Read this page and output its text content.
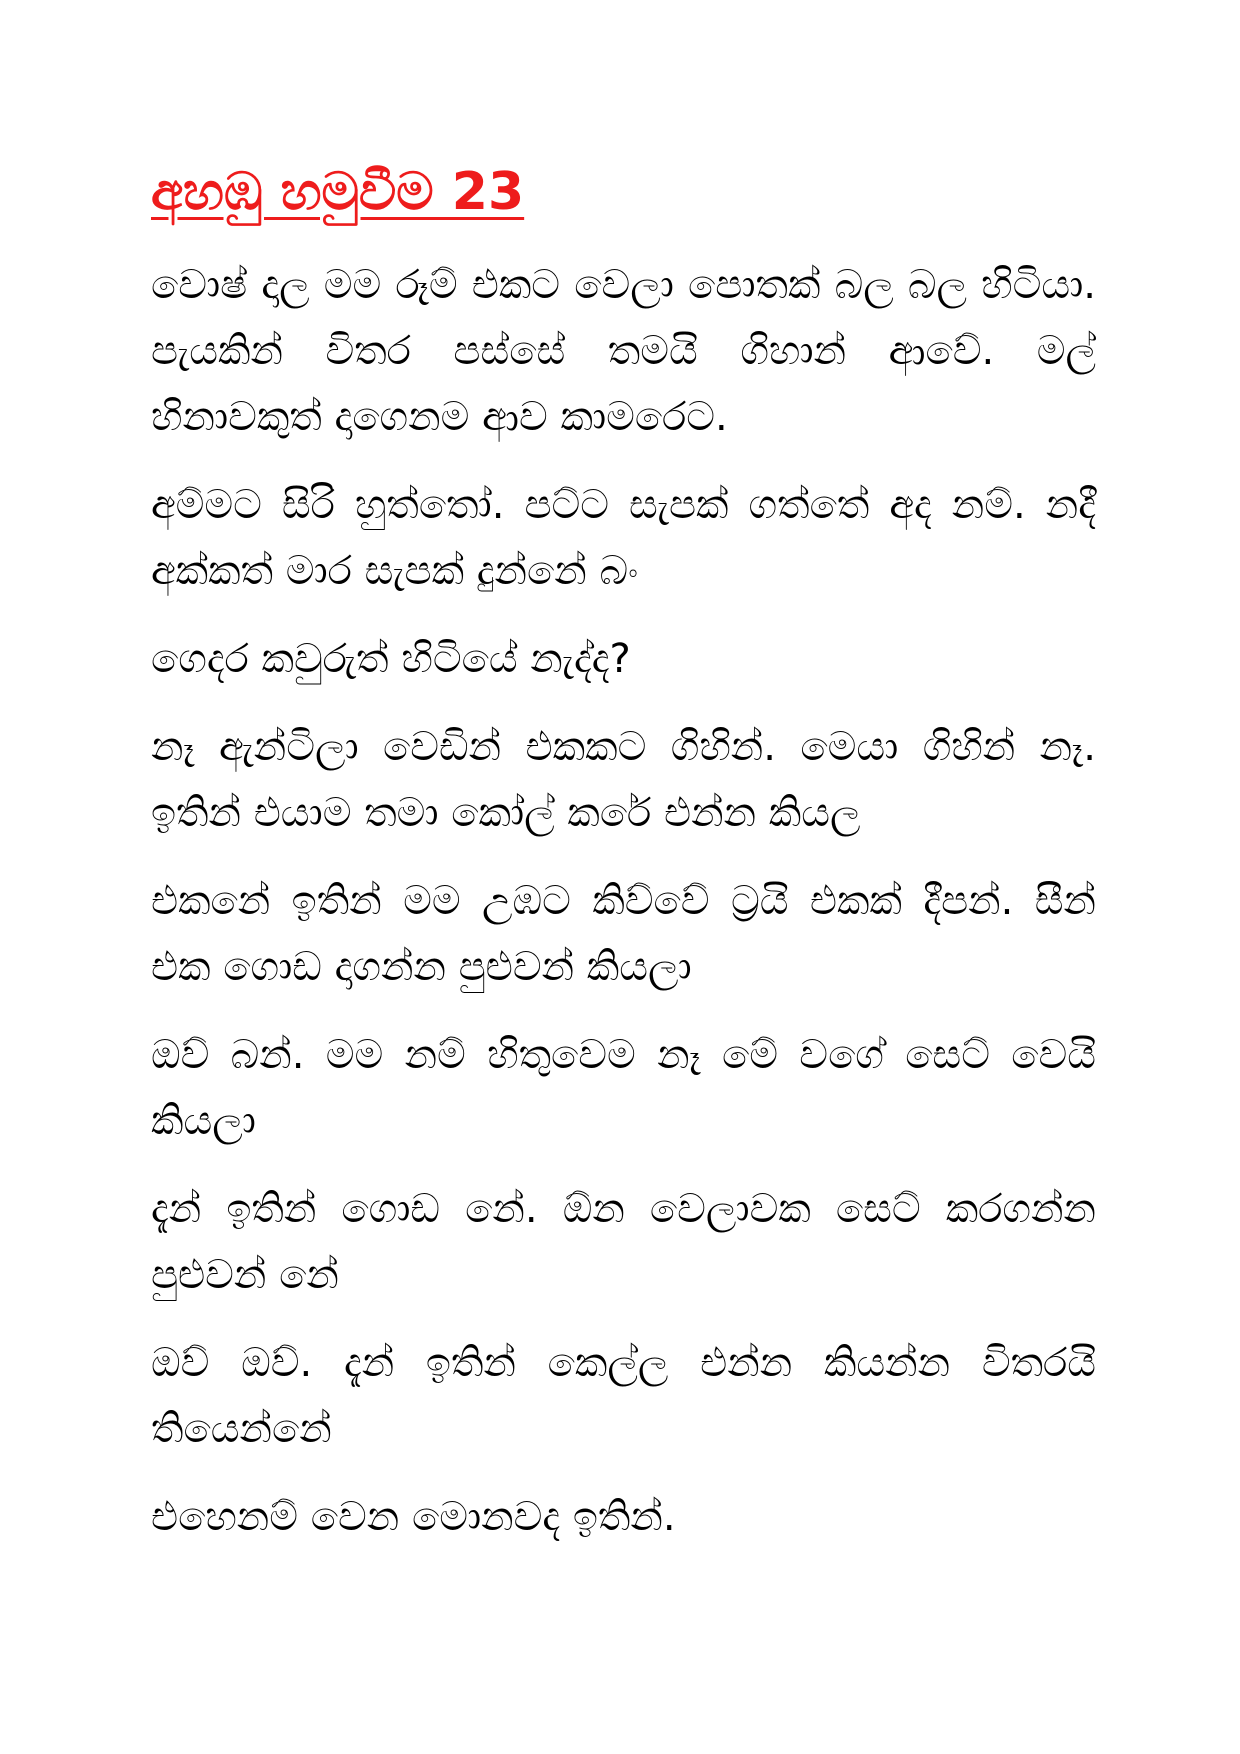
අහඹු හමුවීම 23

වොෂ් දාල මම රූම් එකට වෙලා පොතක් බල බල හිටියා. පැයකින් විතර පස්සේ තමයි ගිහාන් ආවේ. මල් හිනාවකුත් දාගෙනම ආව කාමරෙට.

අම්මට සිරි හුත්තෝ. පට්ට සැපක් ගත්තේ අද නම්. නදී අක්කත් මාර සැපක් දුන්නේ බං

ගෙදර කවුරුත් හිටියේ නැද්ද?

නෑ ඇන්ටිලා වෙඩින් එකකට ගිහින්. මෙයා ගිහින් නෑ. ඉතින් එයාම තමා කෝල් කරේ එන්න කියල

එකනේ ඉතින් මම උඹට කිව්වේ ට්‍රයි එකක් දීපන්. සීන් එක ගොඩ දාගන්න පුළුවන් කියලා

ඔව් බන්. මම නම් හිතුවෙම නෑ මේ වගේ සෙට් වෙයි කියලා

දැන් ඉතින් ගොඩ නේ. ඕන වෙලාවක සෙට් කරගන්න පුළුවන් නේ

ඔව් ඔව්. දැන් ඉතින් කෙල්ල එන්න කියන්න විතරයි තියෙන්නේ

එහෙනම් වෙන මොනවද ඉතින්.
